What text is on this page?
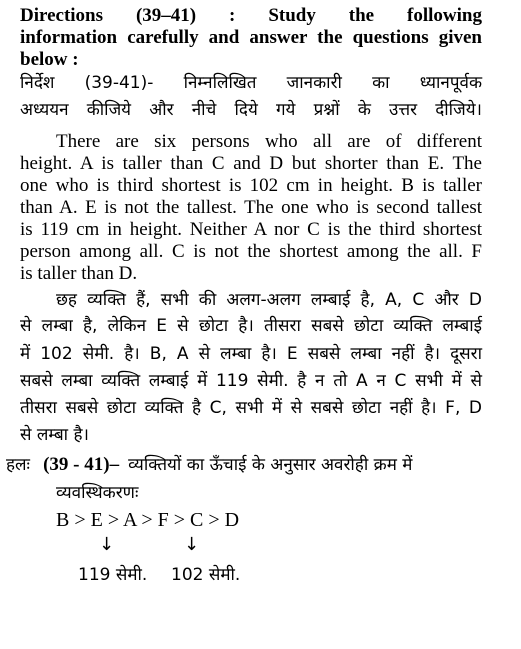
Directions (39–41) : Study the following
information carefully and answer the questions given
below :
निर्देश (39-41)- निम्नलिखित जानकारी का ध्यानपूर्वक
अध्ययन कीजिये और नीचे दिये गये प्रश्नों के उत्तर दीजिये।
There are six persons who all are of different
height. A is taller than C and D but shorter than E. The
one who is third shortest is 102 cm in height. B is taller
than A. E is not the tallest. The one who is second tallest
is 119 cm in height. Neither A nor C is the third shortest
person among all. C is not the shortest among the all. F
is taller than D.
छह व्यक्ति हैं, सभी की अलग-अलग लम्बाई है, A, C और D
से लम्बा है, लेकिन E से छोटा है। तीसरा सबसे छोटा व्यक्ति लम्बाई
में 102 सेमी. है। B, A से लम्बा है। E सबसे लम्बा नहीं है। दूसरा
सबसे लम्बा व्यक्ति लम्बाई में 119 सेमी. है न तो A न C सभी में से
तीसरा सबसे छोटा व्यक्ति है C, सभी में से सबसे छोटा नहीं है। F, D
से लम्बा है।
हलः (39 - 41)– व्यक्तियों का ऊँचाई के अनुसार अवरोही क्रम में
व्यवस्थिकरणः
B > E > A > F > C > D
↓	↓
119 सेमी. 102 सेमी.
